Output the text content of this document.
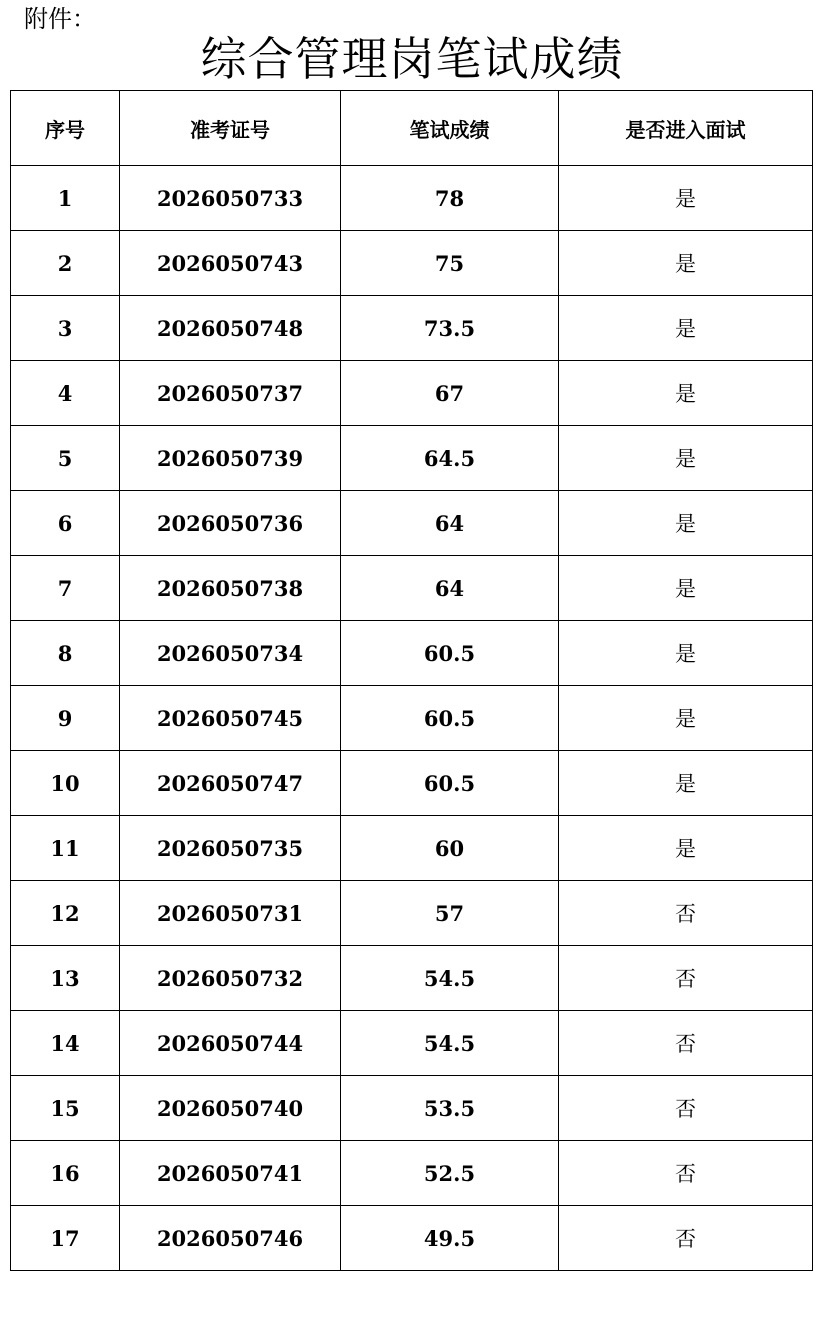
附件：
综合管理岗笔试成绩
序号	准考证号	笔试成绩	是否进入面试
1	2026050733	78	是
2	2026050743	75	是
3	2026050748	73.5	是
4	2026050737	67	是
5	2026050739	64.5	是
6	2026050736	64	是
7	2026050738	64	是
8	2026050734	60.5	是
9	2026050745	60.5	是
10	2026050747	60.5	是
11	2026050735	60	是
12	2026050731	57	否
13	2026050732	54.5	否
14	2026050744	54.5	否
15	2026050740	53.5	否
16	2026050741	52.5	否
17	2026050746	49.5	否
